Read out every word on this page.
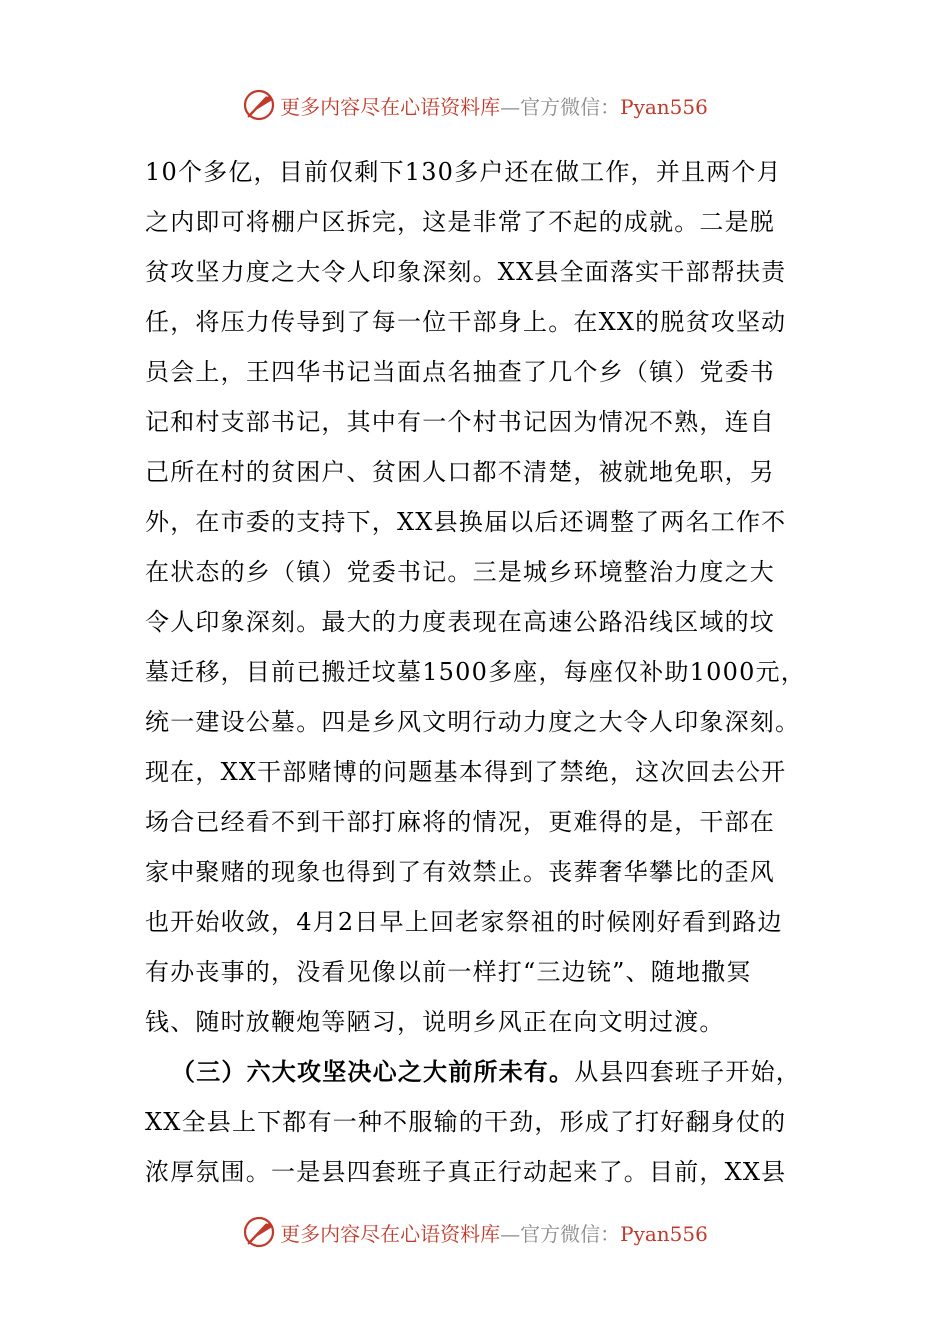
更多内容尽在心语资料库—官方微信：Pyan556
10个多亿，目前仅剩下130多户还在做工作，并且两个月
之内即可将棚户区拆完，这是非常了不起的成就。二是脱
贫攻坚力度之大令人印象深刻。XX县全面落实干部帮扶责
任，将压力传导到了每一位干部身上。在XX的脱贫攻坚动
员会上，王四华书记当面点名抽查了几个乡（镇）党委书
记和村支部书记，其中有一个村书记因为情况不熟，连自
己所在村的贫困户、贫困人口都不清楚，被就地免职，另
外，在市委的支持下，XX县换届以后还调整了两名工作不
在状态的乡（镇）党委书记。三是城乡环境整治力度之大
令人印象深刻。最大的力度表现在高速公路沿线区域的坟
墓迁移，目前已搬迁坟墓1500多座，每座仅补助1000元，
统一建设公墓。四是乡风文明行动力度之大令人印象深刻。
现在，XX干部赌博的问题基本得到了禁绝，这次回去公开
场合已经看不到干部打麻将的情况，更难得的是，干部在
家中聚赌的现象也得到了有效禁止。丧葬奢华攀比的歪风
也开始收敛，4月2日早上回老家祭祖的时候刚好看到路边
有办丧事的，没看见像以前一样打“三边铳”、随地撒冥
钱、随时放鞭炮等陋习，说明乡风正在向文明过渡。
（三）六大攻坚决心之大前所未有。从县四套班子开始，
XX全县上下都有一种不服输的干劲，形成了打好翻身仗的
浓厚氛围。一是县四套班子真正行动起来了。目前，XX县
更多内容尽在心语资料库—官方微信：Pyan556
